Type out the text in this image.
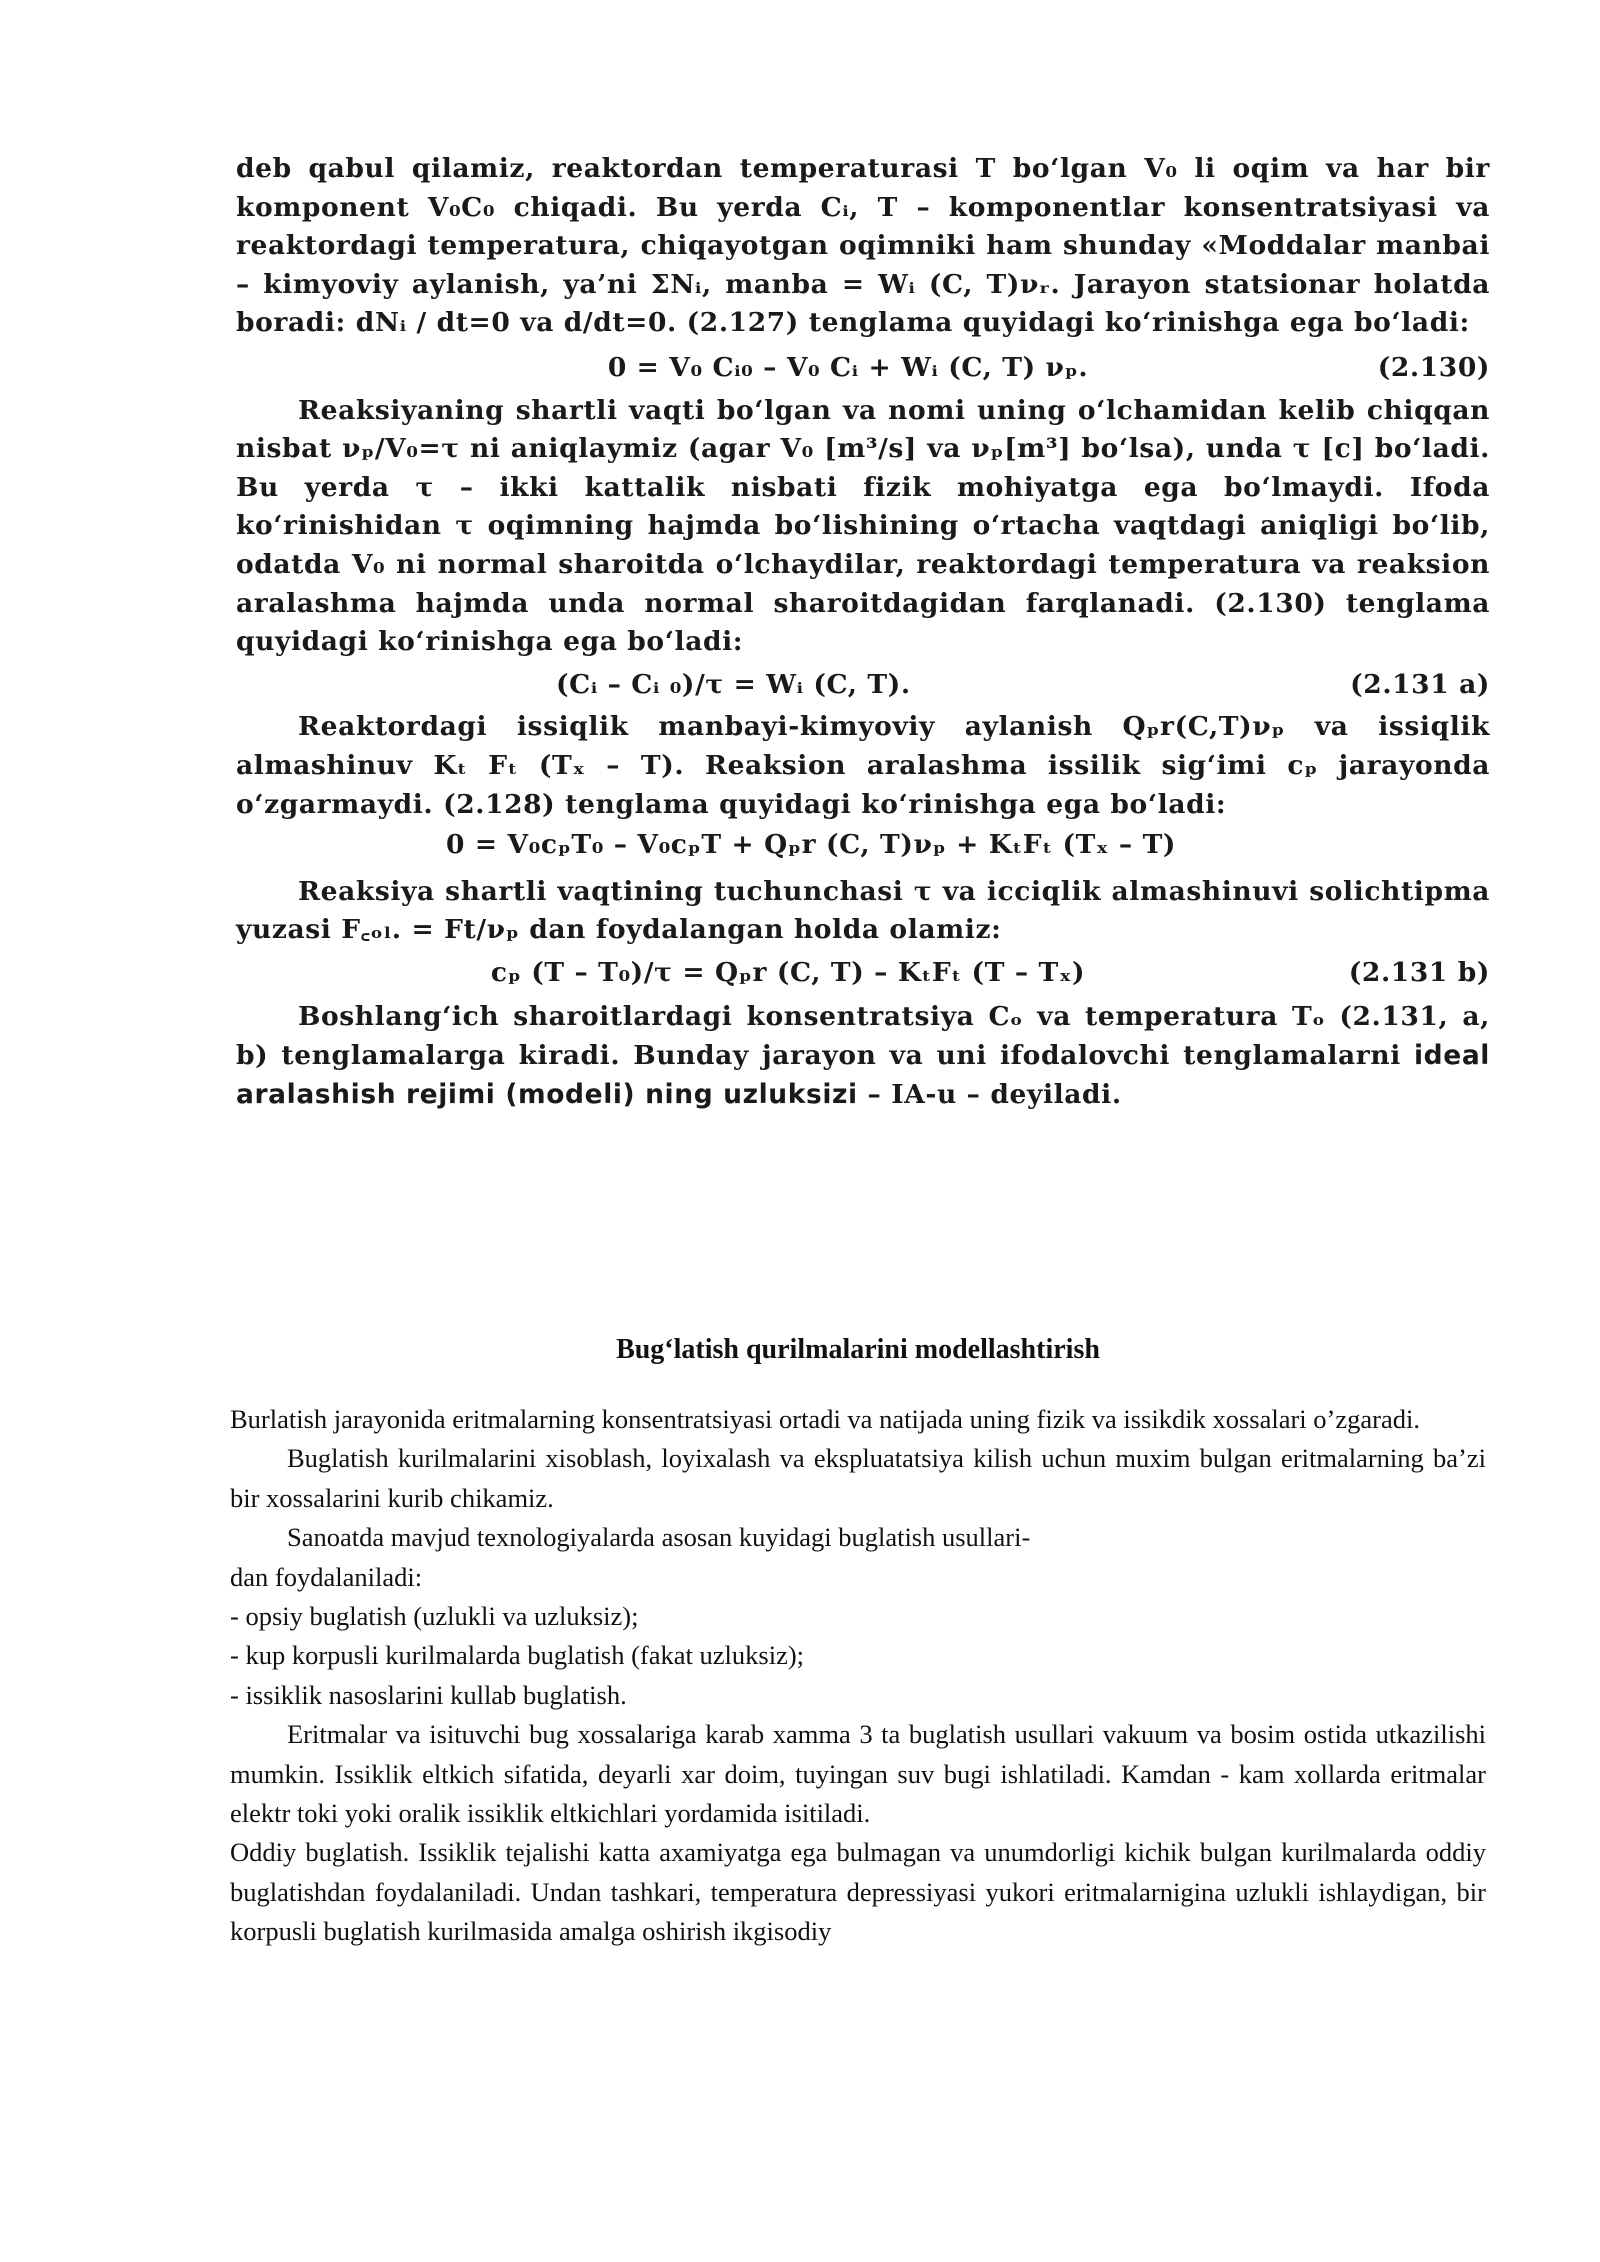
deb qabul qilamiz, reaktordan temperaturasi T bo‘lgan V₀ li oqim va har bir komponent V₀C₀ chiqadi. Bu yerda Cᵢ, T – komponentlar konsentratsiyasi va reaktordagi temperatura, chiqayotgan oqimniki ham shunday «Moddalar manbai – kimyoviy aylanish, ya’ni ΣNᵢ, manba = Wᵢ (C, T)νᵣ. Jarayon statsionar holatda boradi: dNᵢ / dt=0 va d/dt=0. (2.127) tenglama quyidagi ko‘rinishga ega bo‘ladi:

0 = V₀ Cᵢ₀ – V₀ Cᵢ + Wᵢ (C, T) νₚ.	(2.130)

Reaksiyaning shartli vaqti bo‘lgan va nomi uning o‘lchamidan kelib chiqqan nisbat νₚ/V₀=τ ni aniqlaymiz (agar V₀ [m³/s] va νₚ[m³] bo‘lsa), unda τ [c] bo‘ladi. Bu yerda τ – ikki kattalik nisbati fizik mohiyatga ega bo‘lmaydi. Ifoda ko‘rinishidan τ oqimning hajmda bo‘lishining o‘rtacha vaqtdagi aniqligi bo‘lib, odatda V₀ ni normal sharoitda o‘lchaydilar, reaktordagi temperatura va reaksion aralashma hajmda unda normal sharoitdagidan farqlanadi. (2.130) tenglama quyidagi ko‘rinishga ega bo‘ladi:

(Cᵢ – Cᵢ ₀)/τ = Wᵢ (C, T).	(2.131 a)

Reaktordagi issiqlik manbayi-kimyoviy aylanish Qₚr(C,T)νₚ va issiqlik almashinuv Kₜ Fₜ (Tₓ – T). Reaksion aralashma issilik sig‘imi cₚ jarayonda o‘zgarmaydi. (2.128) tenglama quyidagi ko‘rinishga ega bo‘ladi:

0 = V₀cₚT₀ – V₀cₚT + Qₚr (C, T)νₚ + KₜFₜ (Tₓ – T)

Reaksiya shartli vaqtining tuchunchasi τ va icciqlik almashinuvi solichtipma yuzasi F꜀ₒₗ. = Ft/νₚ dan foydalangan holda olamiz:

cₚ (T – T₀)/τ = Qₚr (C, T) – KₜFₜ (T – Tₓ)	(2.131 b)

Boshlang‘ich sharoitlardagi konsentratsiya Cₒ va temperatura Tₒ (2.131, a, b) tenglamalarga kiradi. Bunday jarayon va uni ifodalovchi tenglamalarni ideal aralashish rejimi (modeli) ning uzluksizi – IA-u – deyiladi.

Bug‘latish qurilmalarini modellashtirish

Burlatish jarayonida eritmalarning konsentratsiyasi ortadi va natijada uning fizik va issikdik xossalari o’zgaradi.

Buglatish kurilmalarini xisoblash, loyixalash va ekspluatatsiya kilish uchun muxim bulgan eritmalarning ba’zi bir xossalarini kurib chikamiz.

Sanoatda mavjud texnologiyalarda asosan kuyidagi buglatish usullari-

dan foydalaniladi:

- opsiy buglatish (uzlukli va uzluksiz);

- kup korpusli kurilmalarda buglatish (fakat uzluksiz);

- issiklik nasoslarini kullab buglatish.

Eritmalar va isituvchi bug xossalariga karab xamma 3 ta buglatish usullari vakuum va bosim ostida utkazilishi mumkin. Issiklik eltkich sifatida, deyarli xar doim, tuyingan suv bugi ishlatiladi. Kamdan - kam xollarda eritmalar elektr toki yoki oralik issiklik eltkichlari yordamida isitiladi.

Oddiy buglatish. Issiklik tejalishi katta axamiyatga ega bulmagan va unumdorligi kichik bulgan kurilmalarda oddiy buglatishdan foydalaniladi. Undan tashkari, temperatura depressiyasi yukori eritmalarnigina uzlukli ishlaydigan, bir korpusli buglatish kurilmasida amalga oshirish ikgisodiy
